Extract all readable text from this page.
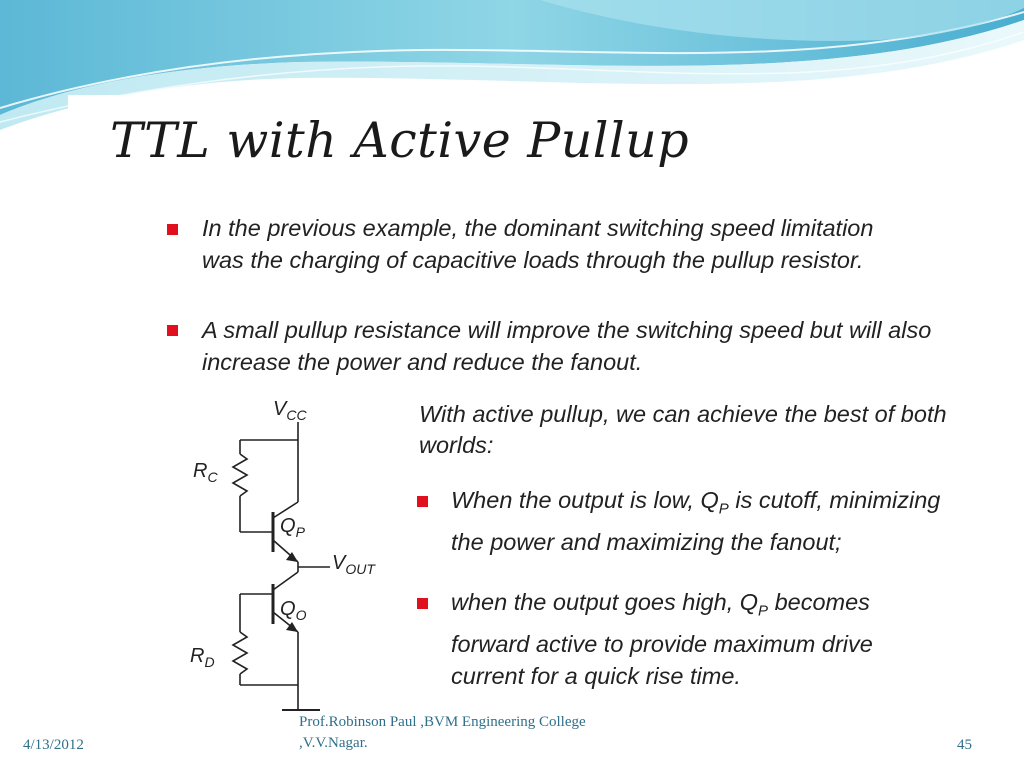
TTL with Active Pullup
In the previous example, the dominant switching speed limitation was the charging of capacitive loads through the pullup resistor.
A small pullup resistance will improve the switching speed but will also increase the power and reduce the fanout.
$V_{CC}$
$R_C$
$Q_P$
$V_{OUT}$
$Q_O$
$R_D$

With active pullup, we can achieve the best of both worlds:

When the output is low, $Q_P$ is cutoff, minimizing the power and maximizing the fanout;
when the output goes high, $Q_P$ becomes forward active to provide maximum drive current for a quick rise time.
4/13/2012
Prof.Robinson Paul ,BVM Engineering College
,V.V.Nagar.	45
